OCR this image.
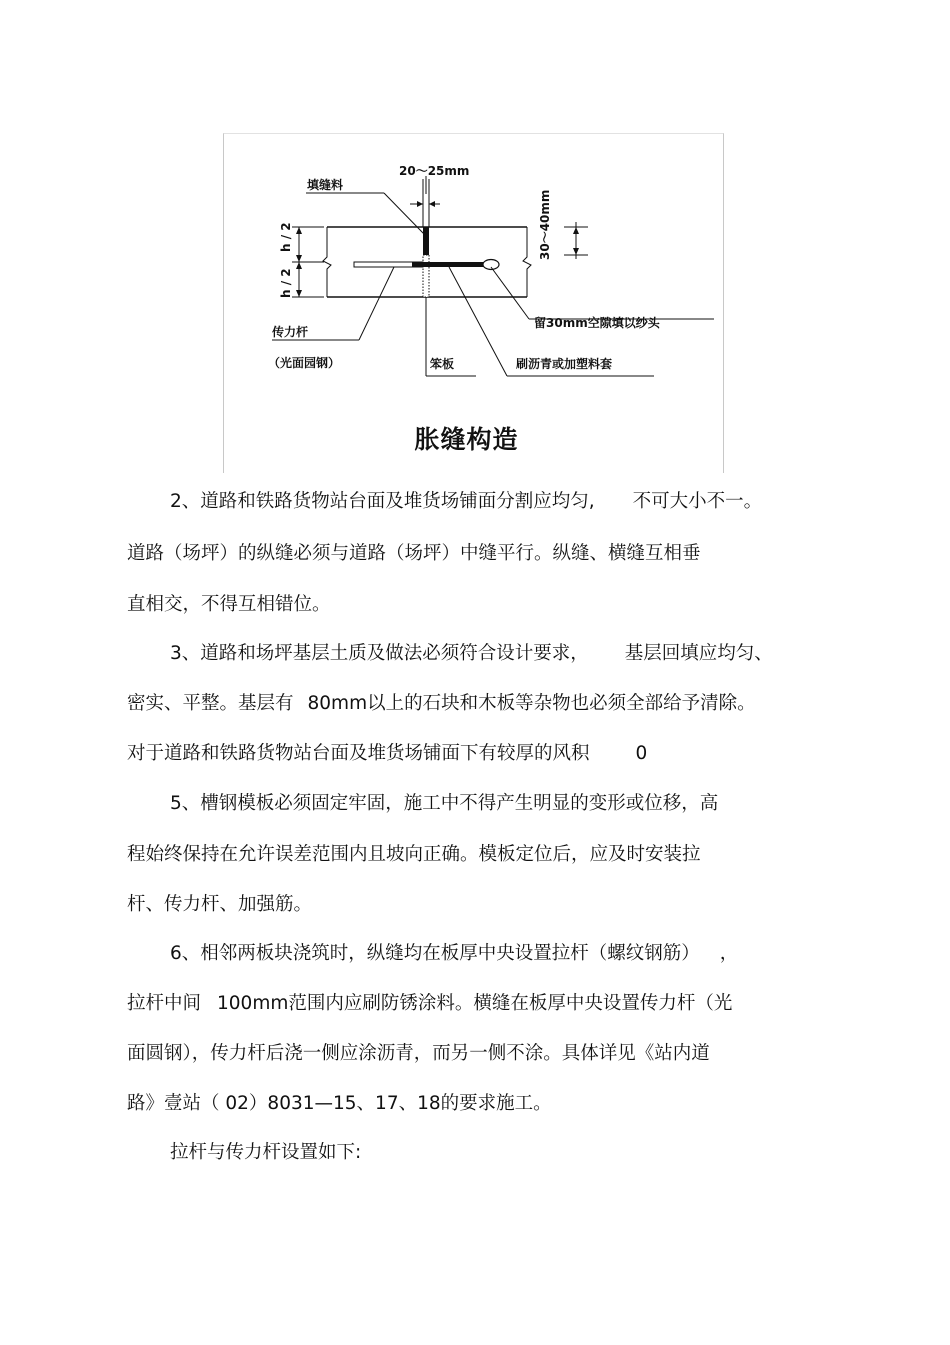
20～25mm
填缝料
h / 2
h / 2
30～40mm
留30mm空隙填以纱头
传力杆
（光面园钢）	笨板	刷沥青或加塑料套
胀缝构造
2、道路和铁路货物站台面及堆货场铺面分割应均匀, 不可大小不一。
道路（场坪）的纵缝必须与道路（场坪）中缝平行。纵缝、横缝互相垂
直相交，不得互相错位。
3、道路和场坪基层土质及做法必须符合设计要求， 基层回填应均匀、
密实、平整。基层有 80mm以上的石块和木板等杂物也必须全部给予清除。
对于道路和铁路货物站台面及堆货场铺面下有较厚的风积 0
5、槽钢模板必须固定牢固，施工中不得产生明显的变形或位移，高
程始终保持在允许误差范围内且坡向正确。模板定位后，应及时安装拉
杆、传力杆、加强筋。
6、相邻两板块浇筑时，纵缝均在板厚中央设置拉杆（螺纹钢筋） ，
拉杆中间 100mm范围内应刷防锈涂料。横缝在板厚中央设置传力杆（光
面圆钢），传力杆后浇一侧应涂沥青，而另一侧不涂。具体详见《站内道
路》壹站（ 02）8031—15、17、18的要求施工。
拉杆与传力杆设置如下:
